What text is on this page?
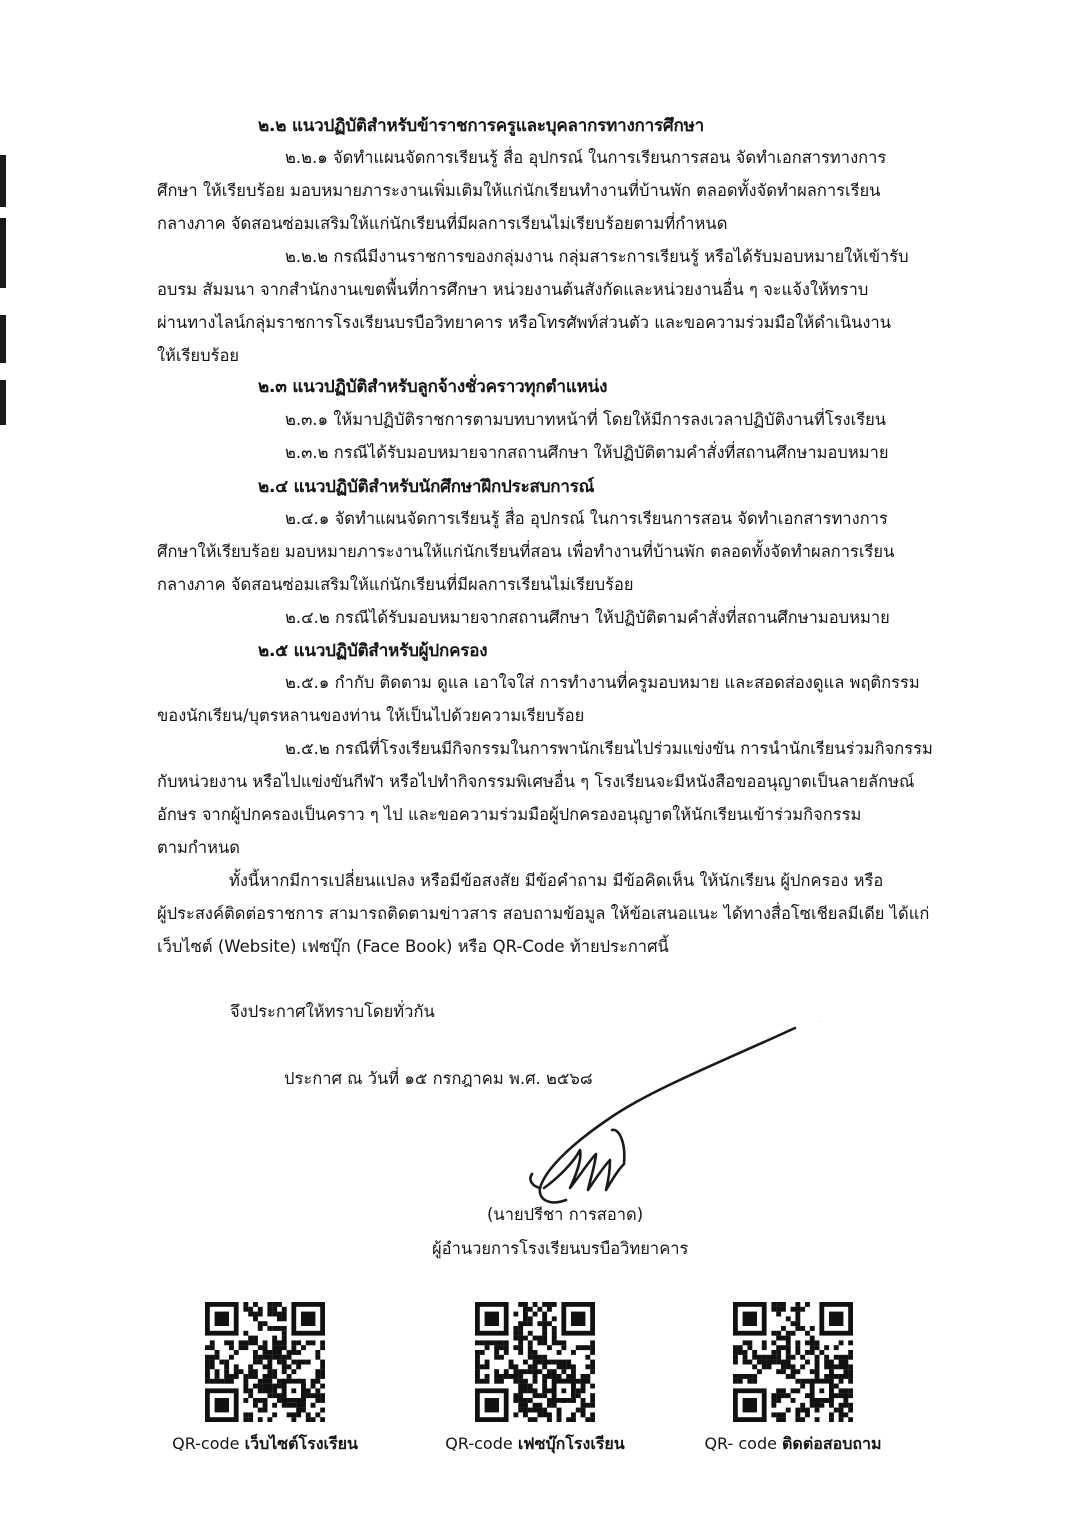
๒.๒ แนวปฏิบัติสำหรับข้าราชการครูและบุคลากรทางการศึกษา
๒.๒.๑ จัดทำแผนจัดการเรียนรู้ สื่อ อุปกรณ์ ในการเรียนการสอน จัดทำเอกสารทางการ
ศึกษา ให้เรียบร้อย มอบหมายภาระงานเพิ่มเติมให้แก่นักเรียนทำงานที่บ้านพัก ตลอดทั้งจัดทำผลการเรียน
กลางภาค จัดสอนซ่อมเสริมให้แก่นักเรียนที่มีผลการเรียนไม่เรียบร้อยตามที่กำหนด
๒.๒.๒ กรณีมีงานราชการของกลุ่มงาน กลุ่มสาระการเรียนรู้ หรือได้รับมอบหมายให้เข้ารับ
อบรม สัมมนา จากสำนักงานเขตพื้นที่การศึกษา หน่วยงานต้นสังกัดและหน่วยงานอื่น ๆ จะแจ้งให้ทราบ
ผ่านทางไลน์กลุ่มราชการโรงเรียนบรบือวิทยาคาร หรือโทรศัพท์ส่วนตัว และขอความร่วมมือให้ดำเนินงาน
ให้เรียบร้อย
๒.๓ แนวปฏิบัติสำหรับลูกจ้างชั่วคราวทุกตำแหน่ง
๒.๓.๑ ให้มาปฏิบัติราชการตามบทบาทหน้าที่ โดยให้มีการลงเวลาปฏิบัติงานที่โรงเรียน
๒.๓.๒ กรณีได้รับมอบหมายจากสถานศึกษา ให้ปฏิบัติตามคำสั่งที่สถานศึกษามอบหมาย
๒.๔ แนวปฏิบัติสำหรับนักศึกษาฝึกประสบการณ์
๒.๔.๑ จัดทำแผนจัดการเรียนรู้ สื่อ อุปกรณ์ ในการเรียนการสอน จัดทำเอกสารทางการ
ศึกษาให้เรียบร้อย มอบหมายภาระงานให้แก่นักเรียนที่สอน เพื่อทำงานที่บ้านพัก ตลอดทั้งจัดทำผลการเรียน
กลางภาค จัดสอนซ่อมเสริมให้แก่นักเรียนที่มีผลการเรียนไม่เรียบร้อย
๒.๔.๒ กรณีได้รับมอบหมายจากสถานศึกษา ให้ปฏิบัติตามคำสั่งที่สถานศึกษามอบหมาย
๒.๕ แนวปฏิบัติสำหรับผู้ปกครอง
๒.๕.๑ กำกับ ติดตาม ดูแล เอาใจใส่ การทำงานที่ครูมอบหมาย และสอดส่องดูแล พฤติกรรม
ของนักเรียน/บุตรหลานของท่าน ให้เป็นไปด้วยความเรียบร้อย
๒.๕.๒ กรณีที่โรงเรียนมีกิจกรรมในการพานักเรียนไปร่วมแข่งขัน การนำนักเรียนร่วมกิจกรรม
กับหน่วยงาน หรือไปแข่งขันกีฬา หรือไปทำกิจกรรมพิเศษอื่น ๆ โรงเรียนจะมีหนังสือขออนุญาตเป็นลายลักษณ์
อักษร จากผู้ปกครองเป็นคราว ๆ ไป และขอความร่วมมือผู้ปกครองอนุญาตให้นักเรียนเข้าร่วมกิจกรรม
ตามกำหนด
ทั้งนี้หากมีการเปลี่ยนแปลง หรือมีข้อสงสัย มีข้อคำถาม มีข้อคิดเห็น ให้นักเรียน ผู้ปกครอง หรือ
ผู้ประสงค์ติดต่อราชการ สามารถติดตามข่าวสาร สอบถามข้อมูล ให้ข้อเสนอแนะ ได้ทางสื่อโซเชียลมีเดีย ได้แก่
เว็บไซต์ (Website) เฟซบุ๊ก (Face Book) หรือ QR-Code ท้ายประกาศนี้
จึงประกาศให้ทราบโดยทั่วกัน
ประกาศ ณ วันที่ ๑๕ กรกฎาคม พ.ศ. ๒๕๖๘
(นายปรีชา การสอาด)
ผู้อำนวยการโรงเรียนบรบือวิทยาคาร
QR-code เว็บไซต์โรงเรียน	QR-code เฟซบุ๊กโรงเรียน	QR- code ติดต่อสอบถาม
